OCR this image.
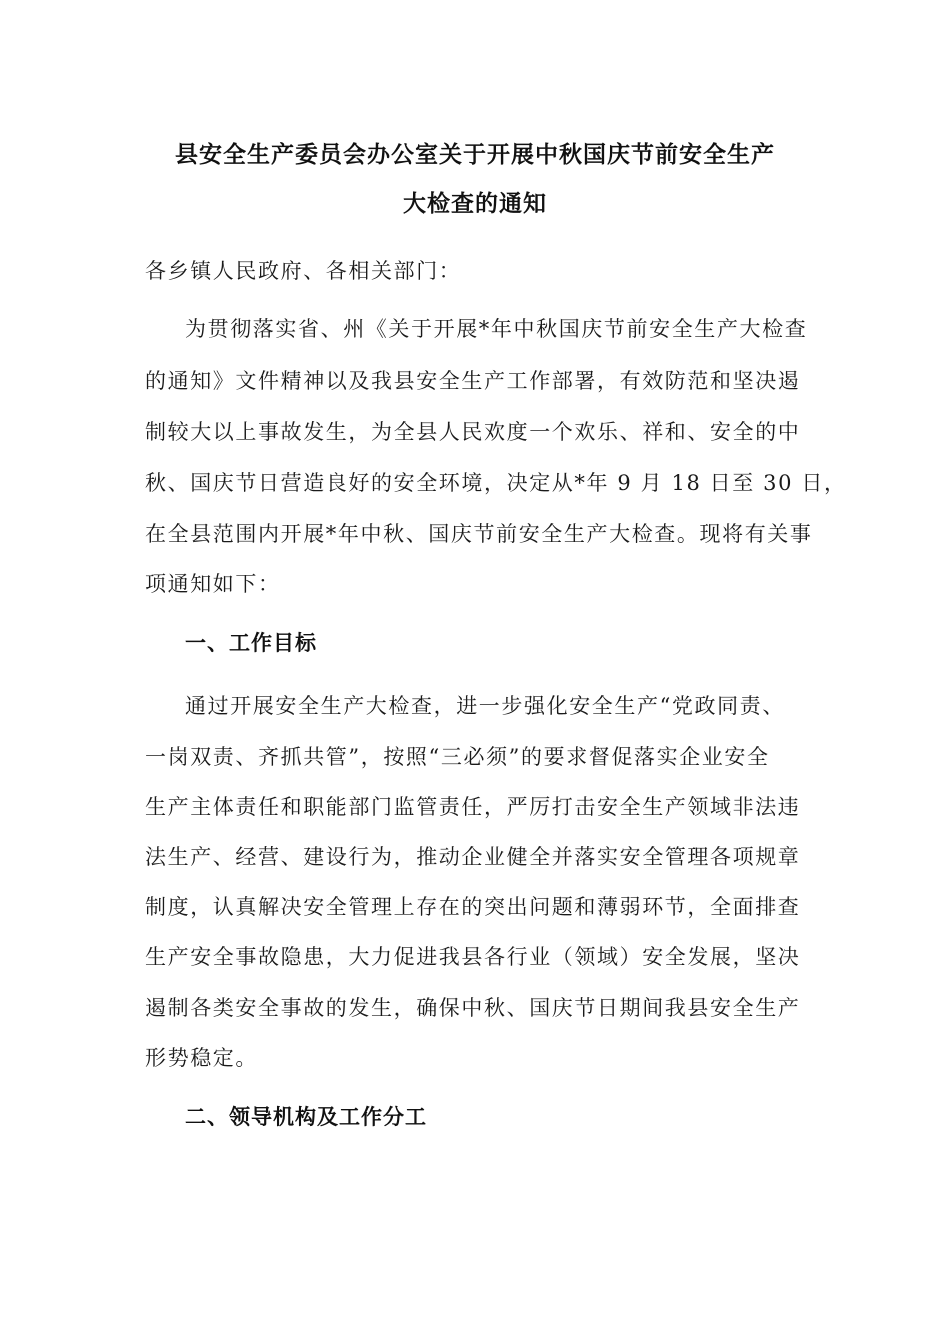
县安全生产委员会办公室关于开展中秋国庆节前安全生产
大检查的通知
各乡镇人民政府、各相关部门：
为贯彻落实省、州《关于开展*年中秋国庆节前安全生产大检查
的通知》文件精神以及我县安全生产工作部署，有效防范和坚决遏
制较大以上事故发生，为全县人民欢度一个欢乐、祥和、安全的中
秋、国庆节日营造良好的安全环境，决定从*年 9 月 18 日至 30 日，
在全县范围内开展*年中秋、国庆节前安全生产大检查。现将有关事
项通知如下：
一、工作目标
通过开展安全生产大检查，进一步强化安全生产“党政同责、
一岗双责、齐抓共管”，按照“三必须”的要求督促落实企业安全
生产主体责任和职能部门监管责任，严厉打击安全生产领域非法违
法生产、经营、建设行为，推动企业健全并落实安全管理各项规章
制度，认真解决安全管理上存在的突出问题和薄弱环节，全面排查
生产安全事故隐患，大力促进我县各行业（领域）安全发展，坚决
遏制各类安全事故的发生，确保中秋、国庆节日期间我县安全生产
形势稳定。
二、领导机构及工作分工
